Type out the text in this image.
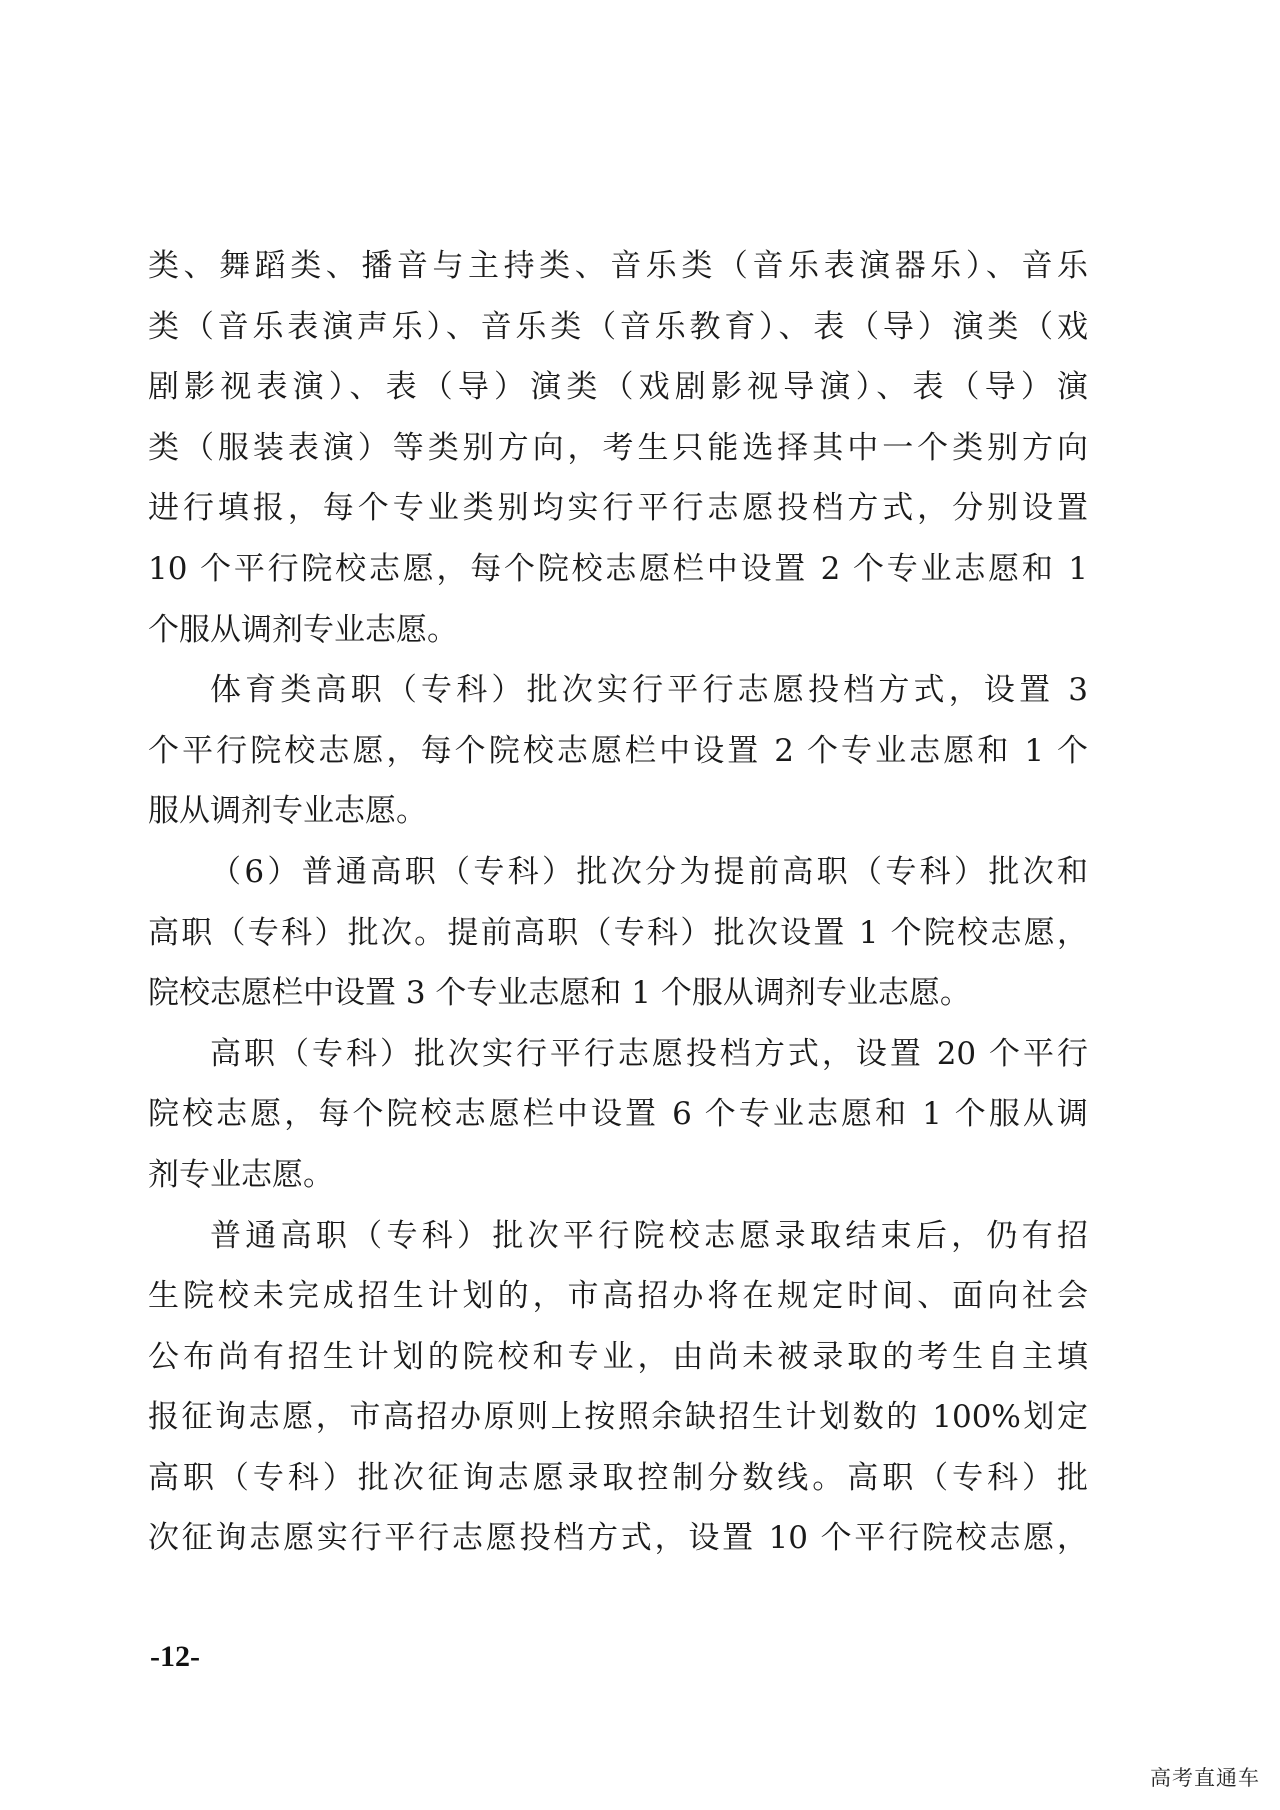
类、舞蹈类、播音与主持类、音乐类（音乐表演器乐）、音乐
类（音乐表演声乐）、音乐类（音乐教育）、表（导）演类（戏
剧影视表演）、表（导）演类（戏剧影视导演）、表（导）演
类（服装表演）等类别方向，考生只能选择其中一个类别方向
进行填报，每个专业类别均实行平行志愿投档方式，分别设置
10 个平行院校志愿，每个院校志愿栏中设置 2 个专业志愿和 1
个服从调剂专业志愿。
体育类高职（专科）批次实行平行志愿投档方式，设置 3
个平行院校志愿，每个院校志愿栏中设置 2 个专业志愿和 1 个
服从调剂专业志愿。
（6）普通高职（专科）批次分为提前高职（专科）批次和
高职（专科）批次。提前高职（专科）批次设置 1 个院校志愿，
院校志愿栏中设置 3 个专业志愿和 1 个服从调剂专业志愿。
高职（专科）批次实行平行志愿投档方式，设置 20 个平行
院校志愿，每个院校志愿栏中设置 6 个专业志愿和 1 个服从调
剂专业志愿。
普通高职（专科）批次平行院校志愿录取结束后，仍有招
生院校未完成招生计划的，市高招办将在规定时间、面向社会
公布尚有招生计划的院校和专业，由尚未被录取的考生自主填
报征询志愿，市高招办原则上按照余缺招生计划数的 100%划定
高职（专科）批次征询志愿录取控制分数线。高职（专科）批
次征询志愿实行平行志愿投档方式，设置 10 个平行院校志愿，
-12-
高考直通车
